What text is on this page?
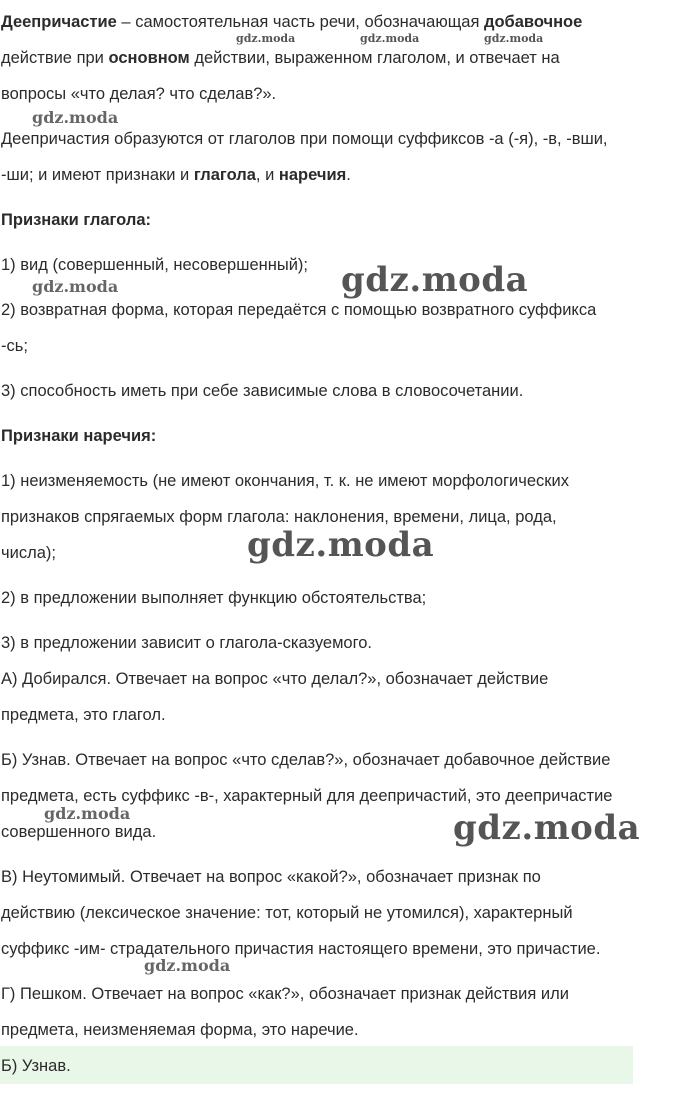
Деепричастие – самостоятельная часть речи, обозначающая добавочное
действие при основном действии, выраженном глаголом, и отвечает на
вопросы «что делая? что сделав?».
Деепричастия образуются от глаголов при помощи суффиксов -а (-я), -в, -вши,
-ши; и имеют признаки и глагола, и наречия.
Признаки глагола:
1) вид (совершенный, несовершенный);
2) возвратная форма, которая передаётся с помощью возвратного суффикса
-сь;
3) способность иметь при себе зависимые слова в словосочетании.
Признаки наречия:
1) неизменяемость (не имеют окончания, т. к. не имеют морфологических
признаков спрягаемых форм глагола: наклонения, времени, лица, рода,
числа);
2) в предложении выполняет функцию обстоятельства;
3) в предложении зависит о глагола-сказуемого.
А) Добирался. Отвечает на вопрос «что делал?», обозначает действие
предмета, это глагол.
Б) Узнав. Отвечает на вопрос «что сделав?», обозначает добавочное действие
предмета, есть суффикс -в-, характерный для деепричастий, это деепричастие
совершенного вида.
В) Неутомимый. Отвечает на вопрос «какой?», обозначает признак по
действию (лексическое значение: тот, который не утомился), характерный
суффикс -им- страдательного причастия настоящего времени, это причастие.
Г) Пешком. Отвечает на вопрос «как?», обозначает признак действия или
предмета, неизменяемая форма, это наречие.
Б) Узнав.
gdz.moda	gdz.moda	gdz.moda
gdz.moda
gdz.moda	gdz.moda
gdz.moda
gdz.moda	gdz.moda
gdz.moda
